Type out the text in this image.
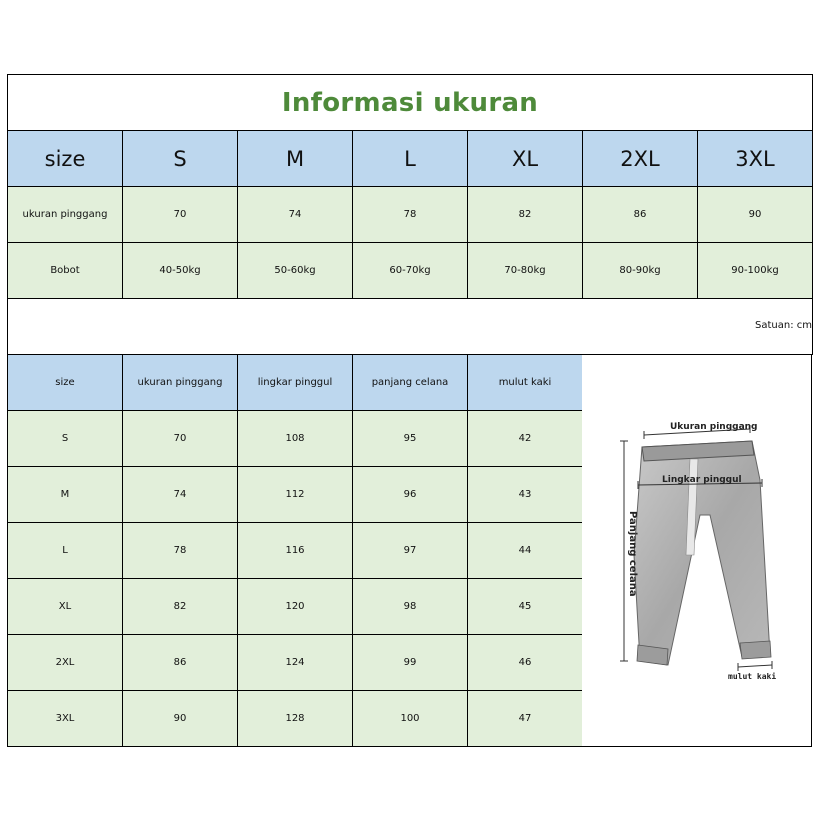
Informasi ukuran
size	S	M	L	XL	2XL	3XL
ukuran pinggang	70	74	78	82	86	90
Bobot	40-50kg	50-60kg	60-70kg	70-80kg	80-90kg	90-100kg
Satuan: cm
size	ukuran pinggang	lingkar pinggul	panjang celana	mulut kaki
S	70	108	95	42
M	74	112	96	43
L	78	116	97	44
XL	82	120	98	45
2XL	86	124	99	46
3XL	90	128	100	47
Ukuran pinggang
Lingkar pinggul
Panjang celana
mulut kaki
